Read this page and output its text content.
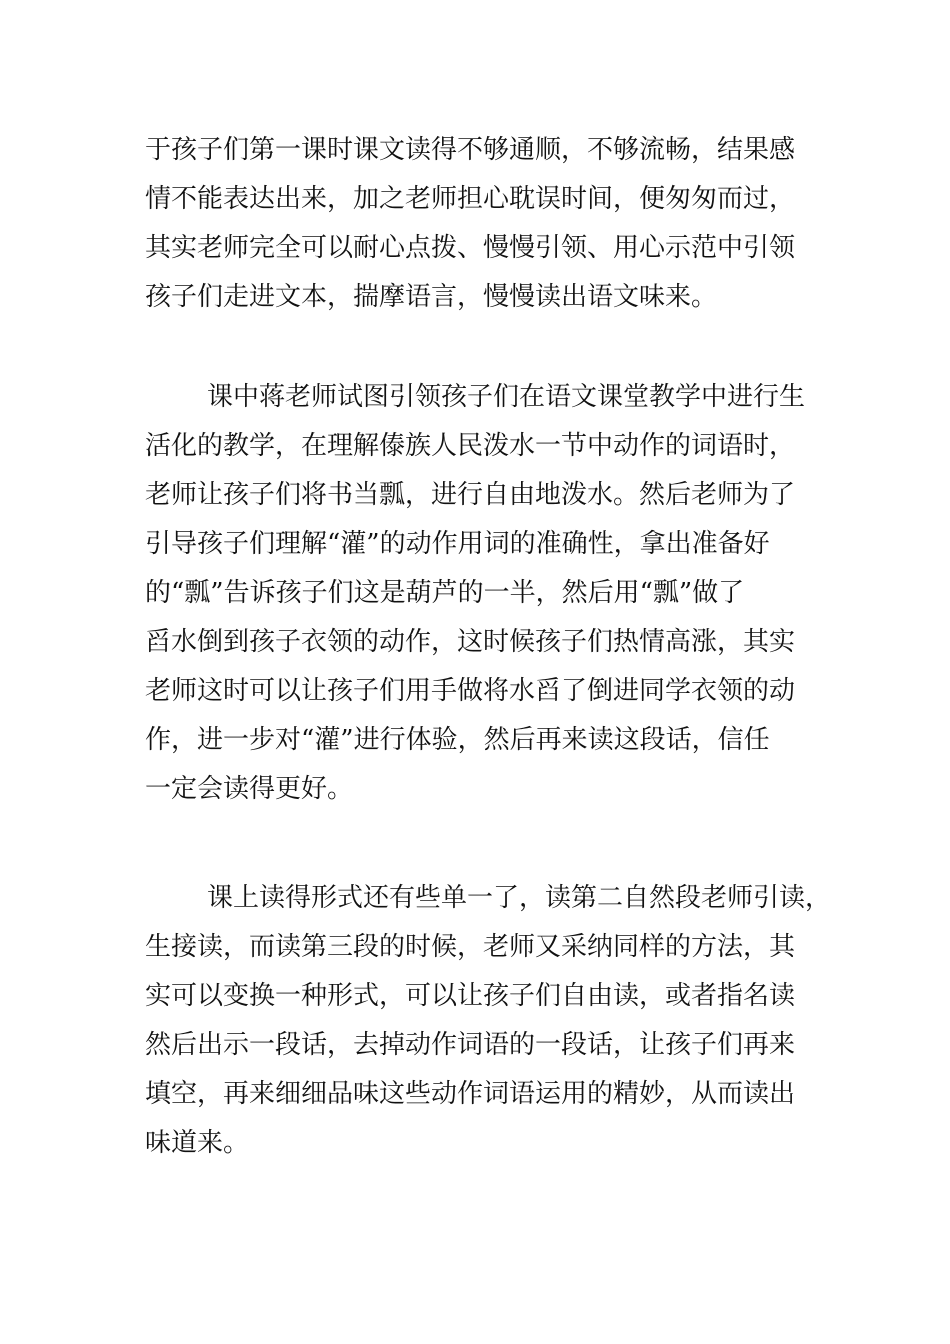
于孩子们第一课时课文读得不够通顺，不够流畅，结果感
情不能表达出来，加之老师担心耽误时间，便匆匆而过，
其实老师完全可以耐心点拨、慢慢引领、用心示范中引领
孩子们走进文本，揣摩语言，慢慢读出语文味来。
课中蒋老师试图引领孩子们在语文课堂教学中进行生
活化的教学，在理解傣族人民泼水一节中动作的词语时，
老师让孩子们将书当瓢，进行自由地泼水。然后老师为了
引导孩子们理解“灌”的动作用词的准确性，拿出准备好
的“瓢”告诉孩子们这是葫芦的一半，然后用“瓢”做了
舀水倒到孩子衣领的动作，这时候孩子们热情高涨，其实
老师这时可以让孩子们用手做将水舀了倒进同学衣领的动
作，进一步对“灌”进行体验，然后再来读这段话，信任
一定会读得更好。
课上读得形式还有些单一了，读第二自然段老师引读，
生接读，而读第三段的时候，老师又采纳同样的方法，其
实可以变换一种形式，可以让孩子们自由读，或者指名读
然后出示一段话，去掉动作词语的一段话，让孩子们再来
填空，再来细细品味这些动作词语运用的精妙，从而读出
味道来。
